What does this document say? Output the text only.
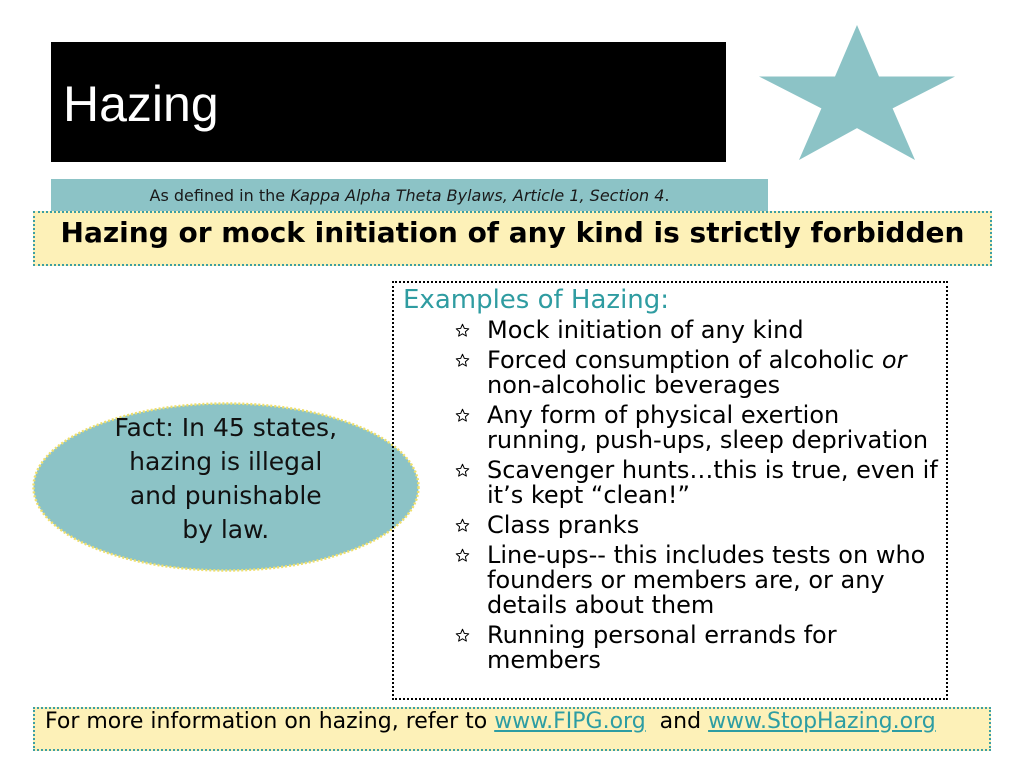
Hazing
As defined in the Kappa Alpha Theta Bylaws, Article 1, Section 4.
Hazing or mock initiation of any kind is strictly forbidden
Fact: In 45 states, hazing is illegal and punishable by law.
Examples of Hazing:
Mock initiation of any kind
Forced consumption of alcoholic or non-alcoholic beverages
Any form of physical exertion running, push-ups, sleep deprivation
Scavenger hunts…this is true, even if it’s kept “clean!”
Class pranks
Line-ups-- this includes tests on who founders or members are, or any details about them
Running personal errands for members
For more information on hazing, refer to www.FIPG.org  and www.StopHazing.org
